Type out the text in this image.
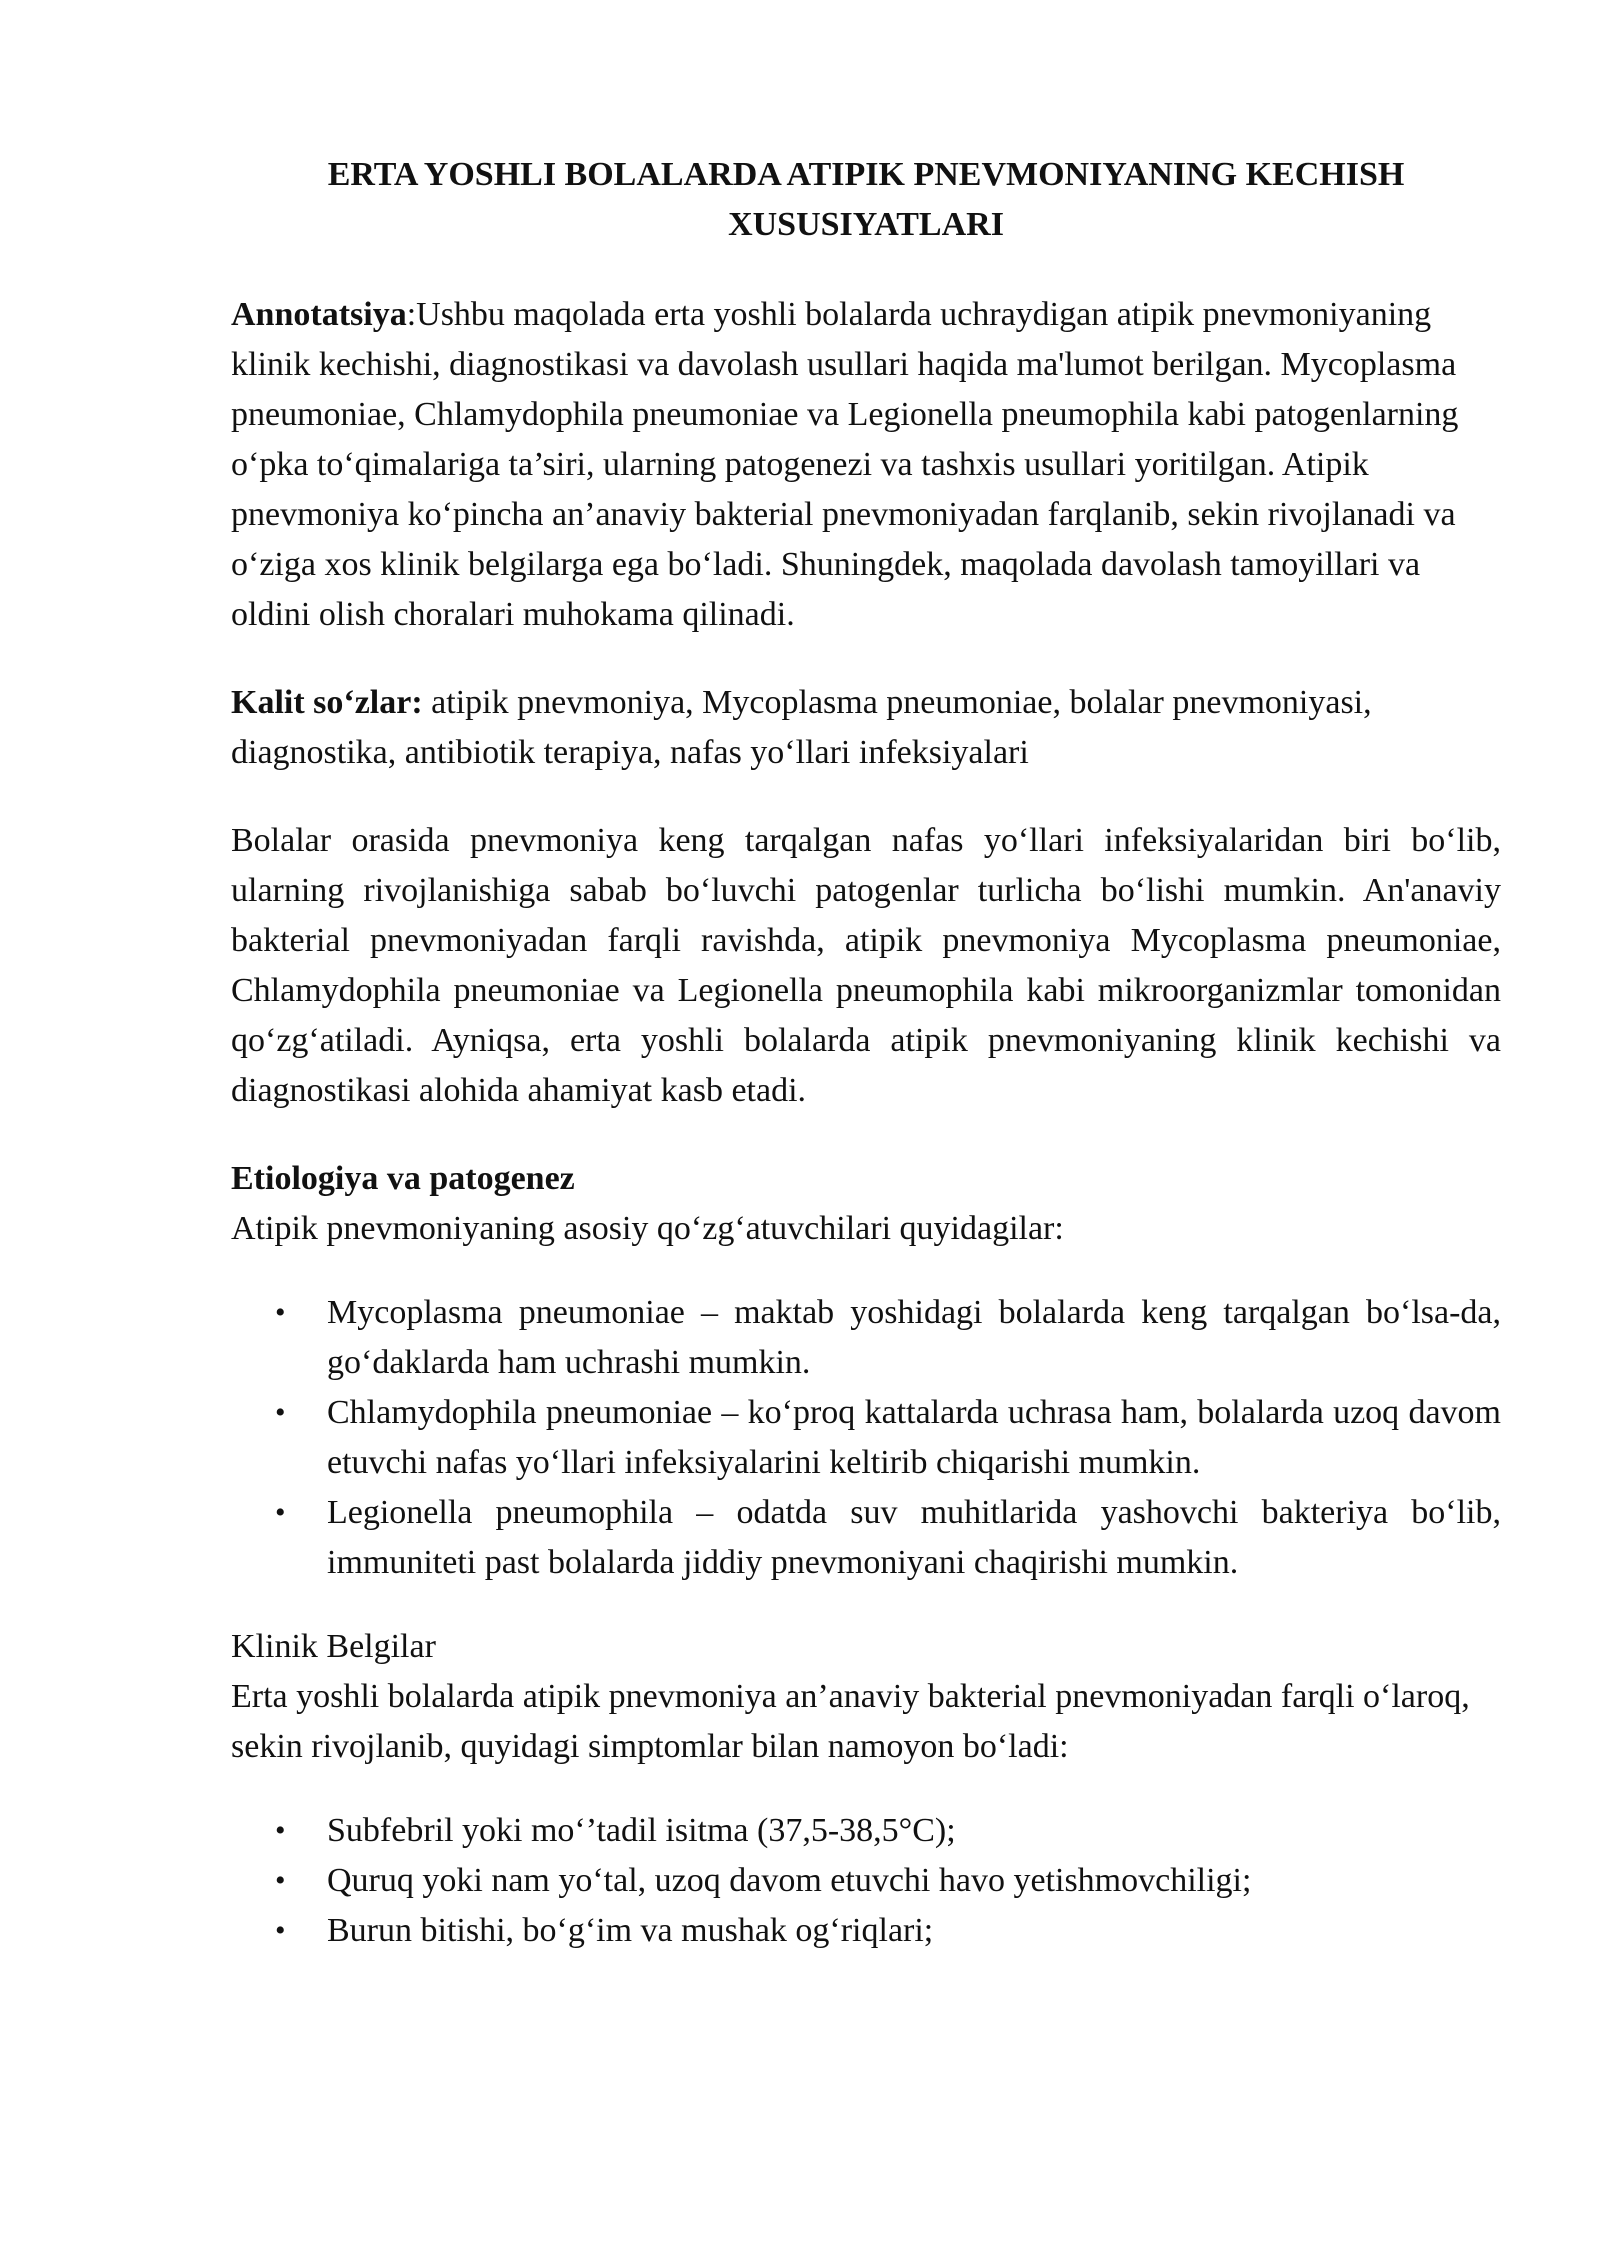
ERTA YOSHLI BOLALARDA ATIPIK PNEVMONIYANING KECHISH XUSUSIYATLARI

Annotatsiya:Ushbu maqolada erta yoshli bolalarda uchraydigan atipik pnevmoniyaning klinik kechishi, diagnostikasi va davolash usullari haqida ma'lumot berilgan. Mycoplasma pneumoniae, Chlamydophila pneumoniae va Legionella pneumophila kabi patogenlarning o‘pka to‘qimalariga ta’siri, ularning patogenezi va tashxis usullari yoritilgan. Atipik pnevmoniya ko‘pincha an’anaviy bakterial pnevmoniyadan farqlanib, sekin rivojlanadi va o‘ziga xos klinik belgilarga ega bo‘ladi. Shuningdek, maqolada davolash tamoyillari va oldini olish choralari muhokama qilinadi.

Kalit so‘zlar: atipik pnevmoniya, Mycoplasma pneumoniae, bolalar pnevmoniyasi, diagnostika, antibiotik terapiya, nafas yo‘llari infeksiyalari

Bolalar orasida pnevmoniya keng tarqalgan nafas yo‘llari infeksiyalaridan biri bo‘lib, ularning rivojlanishiga sabab bo‘luvchi patogenlar turlicha bo‘lishi mumkin. An'anaviy bakterial pnevmoniyadan farqli ravishda, atipik pnevmoniya Mycoplasma pneumoniae, Chlamydophila pneumoniae va Legionella pneumophila kabi mikroorganizmlar tomonidan qo‘zg‘atiladi. Ayniqsa, erta yoshli bolalarda atipik pnevmoniyaning klinik kechishi va diagnostikasi alohida ahamiyat kasb etadi.

Etiologiya va patogenez

Atipik pnevmoniyaning asosiy qo‘zg‘atuvchilari quyidagilar:

• Mycoplasma pneumoniae – maktab yoshidagi bolalarda keng tarqalgan bo‘lsa-da, go‘daklarda ham uchrashi mumkin.
• Chlamydophila pneumoniae – ko‘proq kattalarda uchrasa ham, bolalarda uzoq davom etuvchi nafas yo‘llari infeksiyalarini keltirib chiqarishi mumkin.
• Legionella pneumophila – odatda suv muhitlarida yashovchi bakteriya bo‘lib, immuniteti past bolalarda jiddiy pnevmoniyani chaqirishi mumkin.

Klinik Belgilar

Erta yoshli bolalarda atipik pnevmoniya an’anaviy bakterial pnevmoniyadan farqli o‘laroq, sekin rivojlanib, quyidagi simptomlar bilan namoyon bo‘ladi:

• Subfebril yoki mo‘’tadil isitma (37,5-38,5°C);
• Quruq yoki nam yo‘tal, uzoq davom etuvchi havo yetishmovchiligi;
• Burun bitishi, bo‘g‘im va mushak og‘riqlari;
